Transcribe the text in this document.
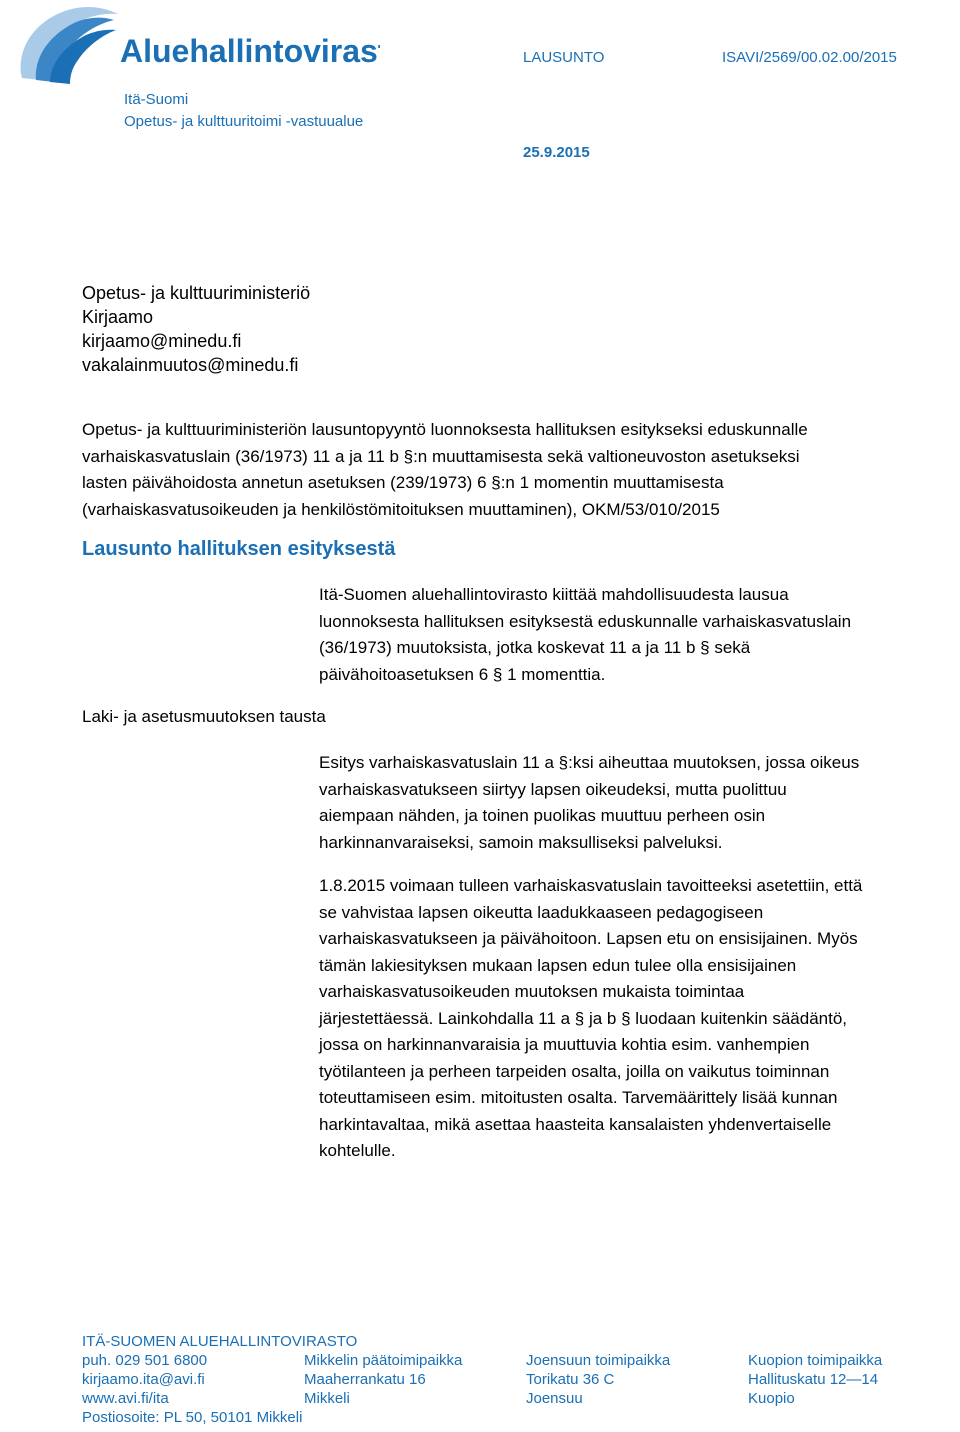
Aluehallintovirasto	LAUSUNTO	ISAVI/2569/00.02.00/2015
Itä-Suomi
Opetus- ja kulttuuritoimi -vastuualue
25.9.2015
Opetus- ja kulttuuriministeriö
Kirjaamo
kirjaamo@minedu.fi
vakalainmuutos@minedu.fi
Opetus- ja kulttuuriministeriön lausuntopyyntö luonnoksesta hallituksen esitykseksi eduskunnalle
varhaiskasvatuslain (36/1973) 11 a ja 11 b §:n muuttamisesta sekä valtioneuvoston asetukseksi
lasten päivähoidosta annetun asetuksen (239/1973) 6 §:n 1 momentin muuttamisesta
(varhaiskasvatusoikeuden ja henkilöstömitoituksen muuttaminen), OKM/53/010/2015
Lausunto hallituksen esityksestä
Laki- ja asetusmuutoksen tausta
Itä-Suomen aluehallintovirasto kiittää mahdollisuudesta lausua
luonnoksesta hallituksen esityksestä eduskunnalle varhaiskasvatuslain
(36/1973) muutoksista, jotka koskevat 11 a ja 11 b § sekä
päivähoitoasetuksen 6 § 1 momenttia.
Esitys varhaiskasvatuslain 11 a §:ksi aiheuttaa muutoksen, jossa oikeus
varhaiskasvatukseen siirtyy lapsen oikeudeksi, mutta puolittuu
aiempaan nähden, ja toinen puolikas muuttuu perheen osin
harkinnanvaraiseksi, samoin maksulliseksi palveluksi.
1.8.2015 voimaan tulleen varhaiskasvatuslain tavoitteeksi asetettiin, että
se vahvistaa lapsen oikeutta laadukkaaseen pedagogiseen
varhaiskasvatukseen ja päivähoitoon. Lapsen etu on ensisijainen. Myös
tämän lakiesityksen mukaan lapsen edun tulee olla ensisijainen
varhaiskasvatusoikeuden muutoksen mukaista toimintaa
järjestettäessä. Lainkohdalla 11 a § ja b § luodaan kuitenkin säädäntö,
jossa on harkinnanvaraisia ja muuttuvia kohtia esim. vanhempien
työtilanteen ja perheen tarpeiden osalta, joilla on vaikutus toiminnan
toteuttamiseen esim. mitoitusten osalta. Tarvemäärittely lisää kunnan
harkintavaltaa, mikä asettaa haasteita kansalaisten yhdenvertaiselle
kohtelulle.
ITÄ-SUOMEN ALUEHALLINTOVIRASTO
puh. 029 501 6800
kirjaamo.ita@avi.fi
www.avi.fi/ita
Mikkelin päätoimipaikka
Maaherrankatu 16
Mikkeli
Joensuun toimipaikka
Torikatu 36 C
Joensuu
Kuopion toimipaikka
Hallituskatu 12—14
Kuopio
Postiosoite: PL 50, 50101 Mikkeli
